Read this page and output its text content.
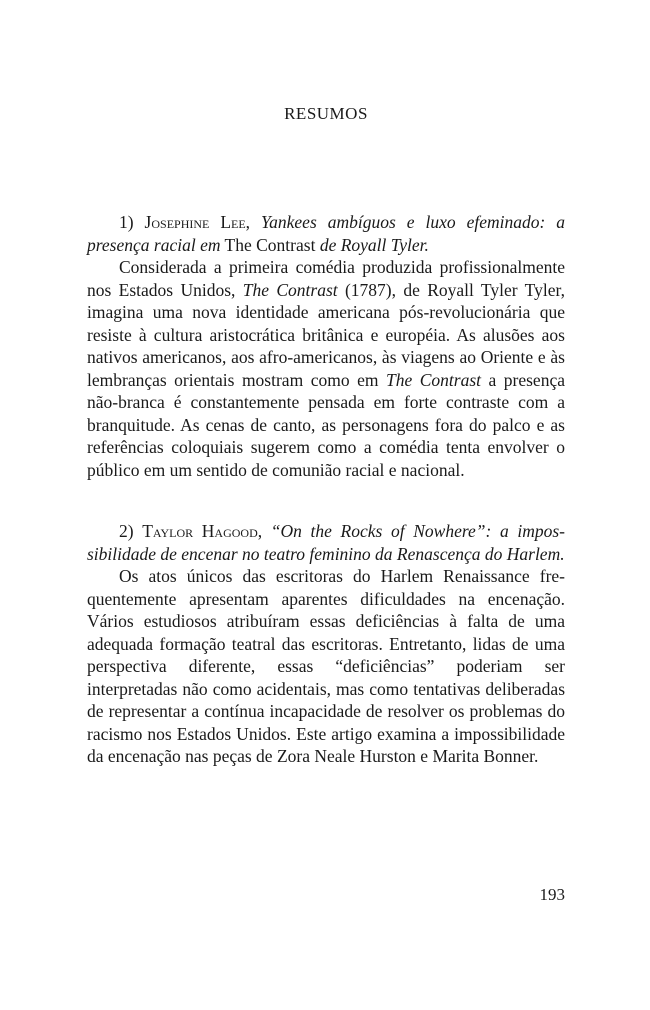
RESUMOS

1) Josephine Lee, Yankees ambíguos e luxo efeminado: a presença racial em The Contrast de Royall Tyler.

Considerada a primeira comédia produzida profissionalmente nos Estados Unidos, The Contrast (1787), de Royall Tyler Tyler, imagina uma nova identidade americana pós-revolucionária que resiste à cultura aristocrática britânica e européia. As alusões aos nativos americanos, aos afro-americanos, às viagens ao Oriente e às lembranças orientais mostram como em The Contrast a presença não-branca é constantemente pensada em forte contraste com a branquitude. As cenas de canto, as personagens fora do palco e as referências coloquiais sugerem como a comédia tenta envolver o público em um sentido de comunião racial e nacional.

2) Taylor Hagood, “On the Rocks of Nowhere”: a impossibilidade de encenar no teatro feminino da Renascença do Harlem.

Os atos únicos das escritoras do Harlem Renaissance frequentemente apresentam aparentes dificuldades na encenação. Vários estudiosos atribuíram essas deficiências à falta de uma adequada formação teatral das escritoras. Entretanto, lidas de uma perspectiva diferente, essas “deficiências” poderiam ser interpretadas não como acidentais, mas como tentativas deliberadas de representar a contínua incapacidade de resolver os problemas do racismo nos Estados Unidos. Este artigo examina a impossibilidade da encenação nas peças de Zora Neale Hurston e Marita Bonner.

193
